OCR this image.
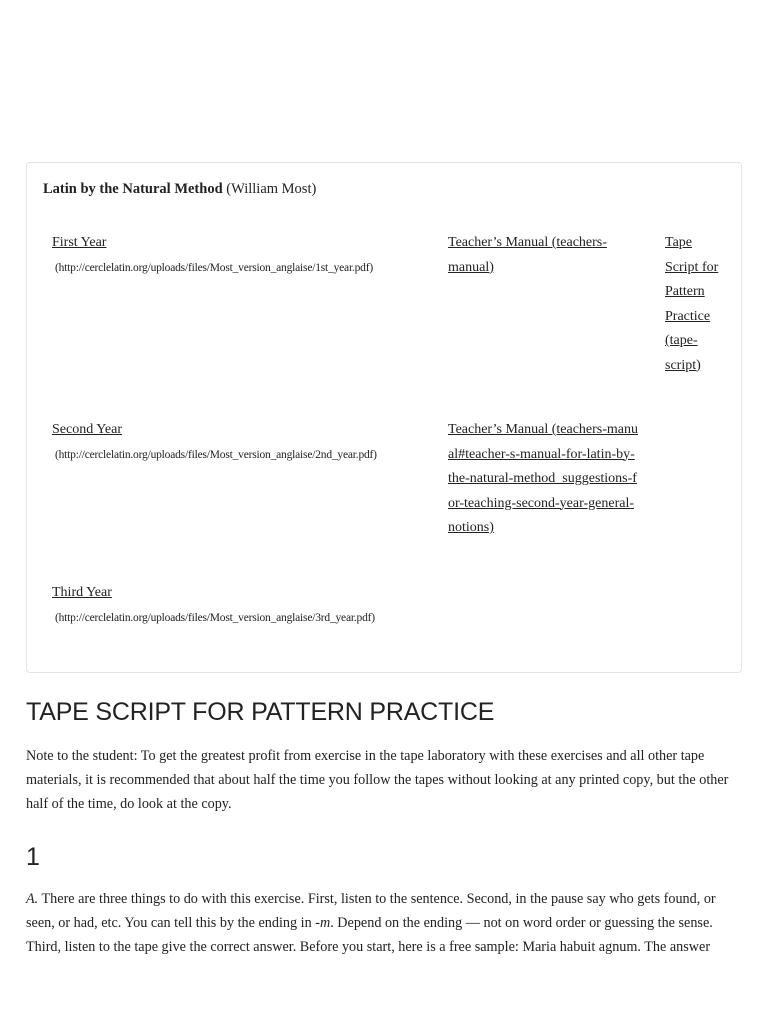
Latin by the Natural Method (William Most)
First Year
(http://cerclelatin.org/uploads/files/Most_version_anglaise/1st_year.pdf)
Teacher’s Manual (teachers-manual)
Tape Script for Pattern Practice (tape-script)
Second Year
(http://cerclelatin.org/uploads/files/Most_version_anglaise/2nd_year.pdf)
Teacher’s Manual (teachers-manual#teacher-s-manual-for-latin-by-the-natural-method_suggestions-for-teaching-second-year-general-notions)
Third Year
(http://cerclelatin.org/uploads/files/Most_version_anglaise/3rd_year.pdf)
TAPE SCRIPT FOR PATTERN PRACTICE

Note to the student: To get the greatest profit from exercise in the tape laboratory with these exercises and all other tape materials, it is recommended that about half the time you follow the tapes without looking at any printed copy, but the other half of the time, do look at the copy.

1

A. There are three things to do with this exercise. First, listen to the sentence. Second, in the pause say who gets found, or seen, or had, etc. You can tell this by the ending in -m. Depend on the ending — not on word order or guessing the sense. Third, listen to the tape give the correct answer. Before you start, here is a free sample: Maria habuit agnum. The answer
